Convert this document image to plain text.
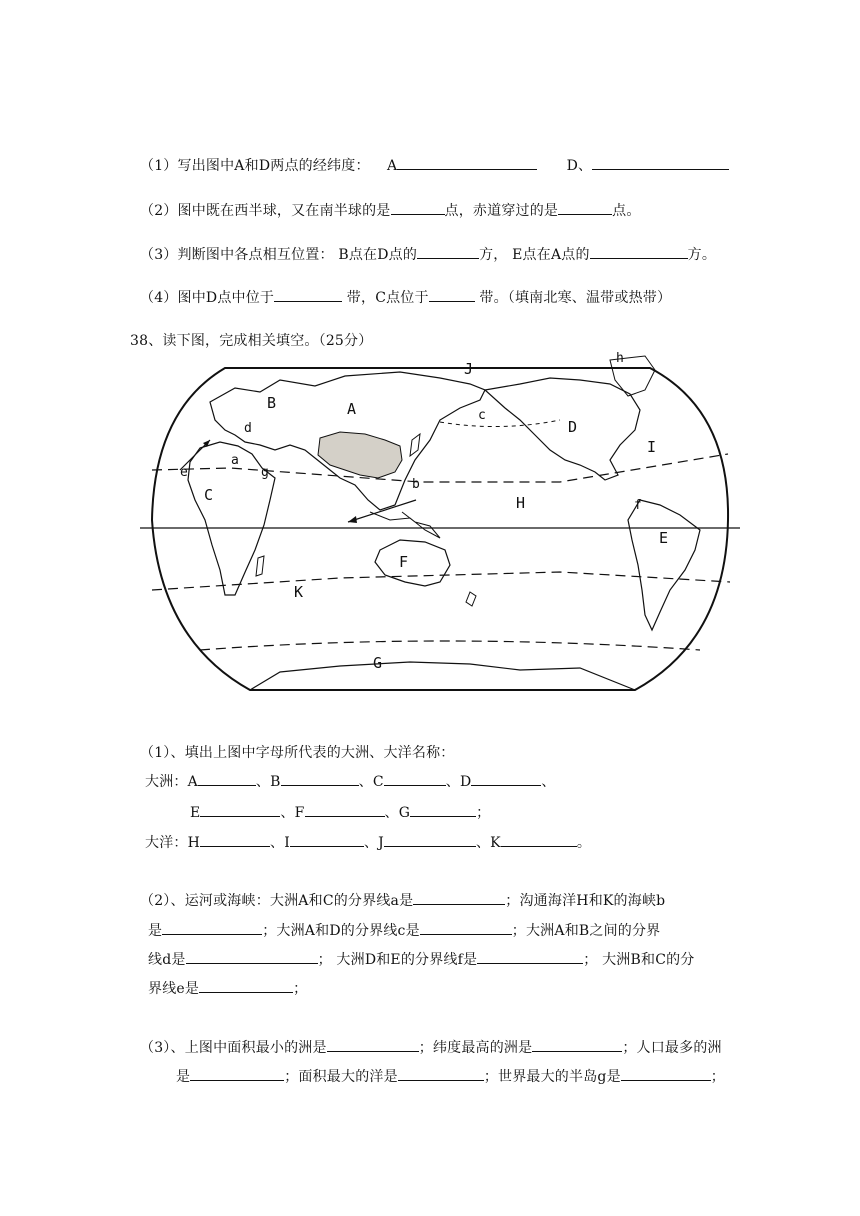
（1）写出图中A和D两点的经纬度： A	D、
（2）图中既在西半球，又在南半球的是	点，赤道穿过的是	点。
（3）判断图中各点相互位置： B点在D点的	方， E点在A点的	方。
（4）图中D点中位于	带，C点位于	带。（填南北寒、温带或热带）
38、读下图，完成相关填空。（25分）
A
B
C
D
E
F
G
H
I
J
K
a
b
c
d
e
f
g
h
（1）、填出上图中字母所代表的大洲、大洋名称：
大洲：A	、B	、C	、D	、
E	、F	、G	；
大洋：H	、I	、J	、K	。
（2）、运河或海峡：大洲A和C的分界线a是	；沟通海洋H和K的海峡b
是	；大洲A和D的分界线c是	；大洲A和B之间的分界
线d是	； 大洲D和E的分界线f是	； 大洲B和C的分
界线e是	；
（3）、上图中面积最小的洲是	；纬度最高的洲是	；人口最多的洲
是	；面积最大的洋是	；世界最大的半岛g是	；
